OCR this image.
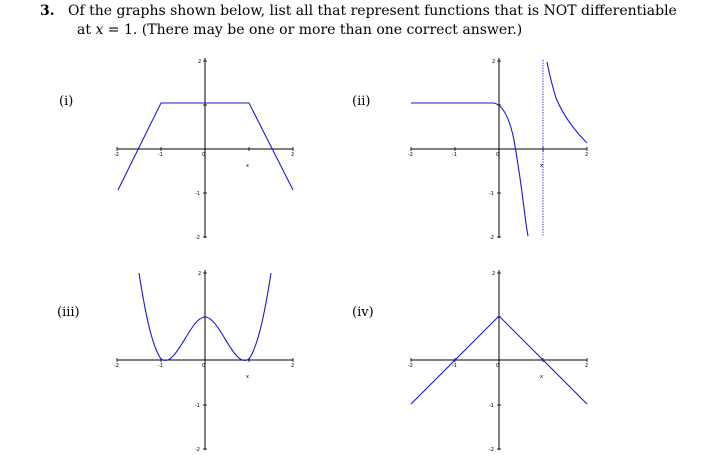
3. Of the graphs shown below, list all that represent functions that is NOT differentiable
at x = 1. (There may be one or more than one correct answer.)
(i)	(ii)
(iii)	(iv)
-2	-1	0	2
2
-1
-2
x
-2	-1	0	2
2
-1
-2
x
-2	-1	0	2
2
-1
-2
x
-2	-1	0	2
2
-1
-2
x
